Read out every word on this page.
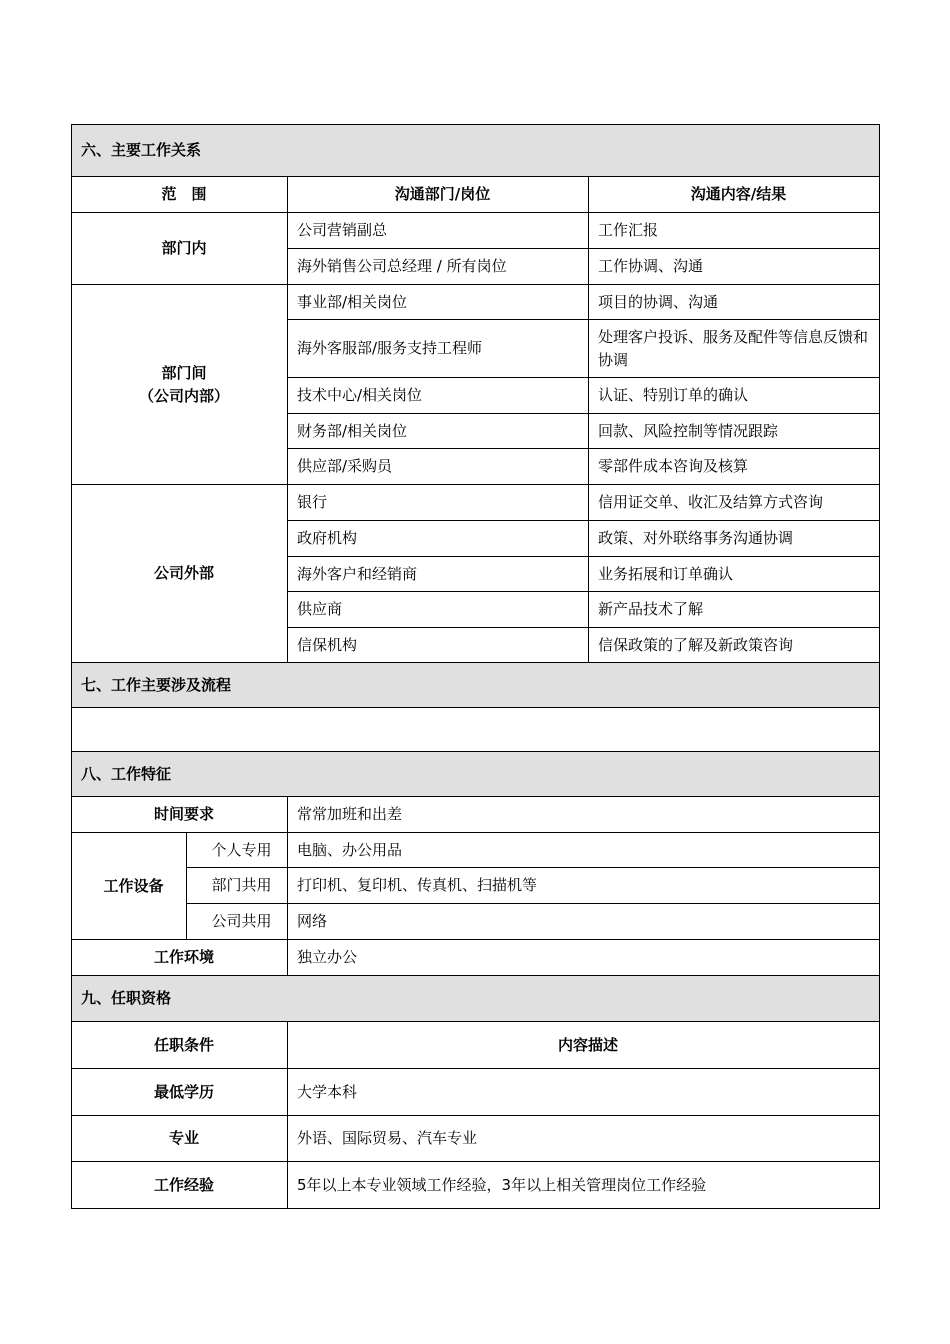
六、主要工作关系			
范　围		沟通部门/岗位	沟通内容/结果
部门内		公司营销副总	工作汇报
		海外销售公司总经理 / 所有岗位	工作协调、沟通

部门间
（公司内部）		事业部/相关岗位	项目的协调、沟通
		海外客服部/服务支持工程师	处理客户投诉、服务及配件等信息反馈和协调
		技术中心/相关岗位	认证、特别订单的确认
		财务部/相关岗位	回款、风险控制等情况跟踪
		供应部/采购员	零部件成本咨询及核算
公司外部		银行	信用证交单、收汇及结算方式咨询
		政府机构	政策、对外联络事务沟通协调
		海外客户和经销商	业务拓展和订单确认
		供应商	新产品技术了解
		信保机构	信保政策的了解及新政策咨询
七、工作主要涉及流程			

八、工作特征			
时间要求		常常加班和出差	
工作设备	个人专用	电脑、办公用品	
	部门共用	打印机、复印机、传真机、扫描机等	
	公司共用	网络	
工作环境		独立办公	
九、任职资格			
任职条件		内容描述	
最低学历		大学本科	
专业		外语、国际贸易、汽车专业	
工作经验		5年以上本专业领域工作经验，3年以上相关管理岗位工作经验	
